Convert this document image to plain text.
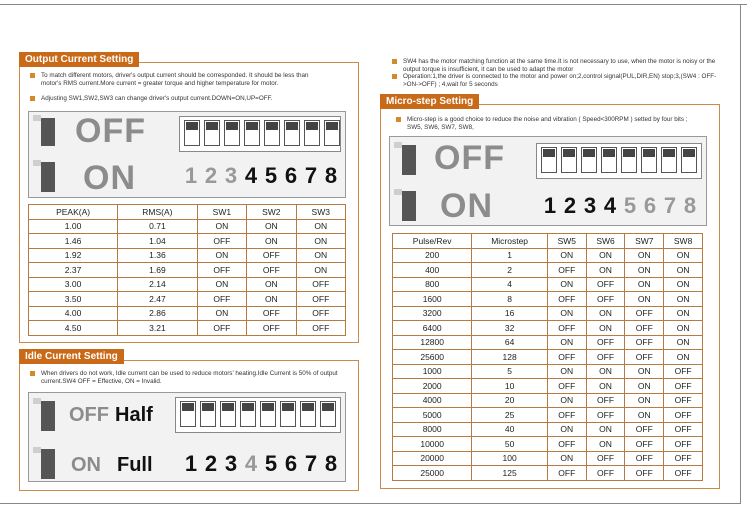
Output Current Setting
To match different motors, driver's output current should be corresponded. It should be less than motor's RMS current.More current = greater torque and higher temperature for motor.
Adjusting SW1,SW2,SW3 can change driver's output current.DOWN=ON,UP=OFF.
OFF
ON 1 2 3 4 5 6 7 8
PEAK(A)	RMS(A)	SW1	SW2	SW3
1.00	0.71	ON	ON	ON
1.46	1.04	OFF	ON	ON
1.92	1.36	ON	OFF	ON
2.37	1.69	OFF	OFF	ON
3.00	2.14	ON	ON	OFF
3.50	2.47	OFF	ON	OFF
4.00	2.86	ON	OFF	OFF
4.50	3.21	OFF	OFF	OFF
Idle Current Setting
When drivers do not work, Idle current can be used to reduce motors' heating.Idle Current is 50% of output current.SW4 OFF = Effective, ON = Invalid.
OFF Half
ON Full 1 2 3 4 5 6 7 8
SW4 has the motor matching function at the same time.It is not necessary to use, when the motor is noisy or the output torque is insufficient, it can be used to adapt the motor
Operation:1,the driver is connected to the motor and power on;2,control signal(PUL,DIR,EN) stop;3,(SW4 : OFF->ON->OFF) ; 4,wait for 5 seconds
Micro-step Setting
Micro-step is a good choice to reduce the noise and vibration ( Speed<300RPM ) setted by four bits ; SW5, SW6, SW7, SW8,
OFF
ON 1 2 3 4 5 6 7 8
Pulse/Rev	Microstep	SW5	SW6	SW7	SW8
200	1	ON	ON	ON	ON
400	2	OFF	ON	ON	ON
800	4	ON	OFF	ON	ON
1600	8	OFF	OFF	ON	ON
3200	16	ON	ON	OFF	ON
6400	32	OFF	ON	OFF	ON
12800	64	ON	OFF	OFF	ON
25600	128	OFF	OFF	OFF	ON
1000	5	ON	ON	ON	OFF
2000	10	OFF	ON	ON	OFF
4000	20	ON	OFF	ON	OFF
5000	25	OFF	OFF	ON	OFF
8000	40	ON	ON	OFF	OFF
10000	50	OFF	ON	OFF	OFF
20000	100	ON	OFF	OFF	OFF
25000	125	OFF	OFF	OFF	OFF
